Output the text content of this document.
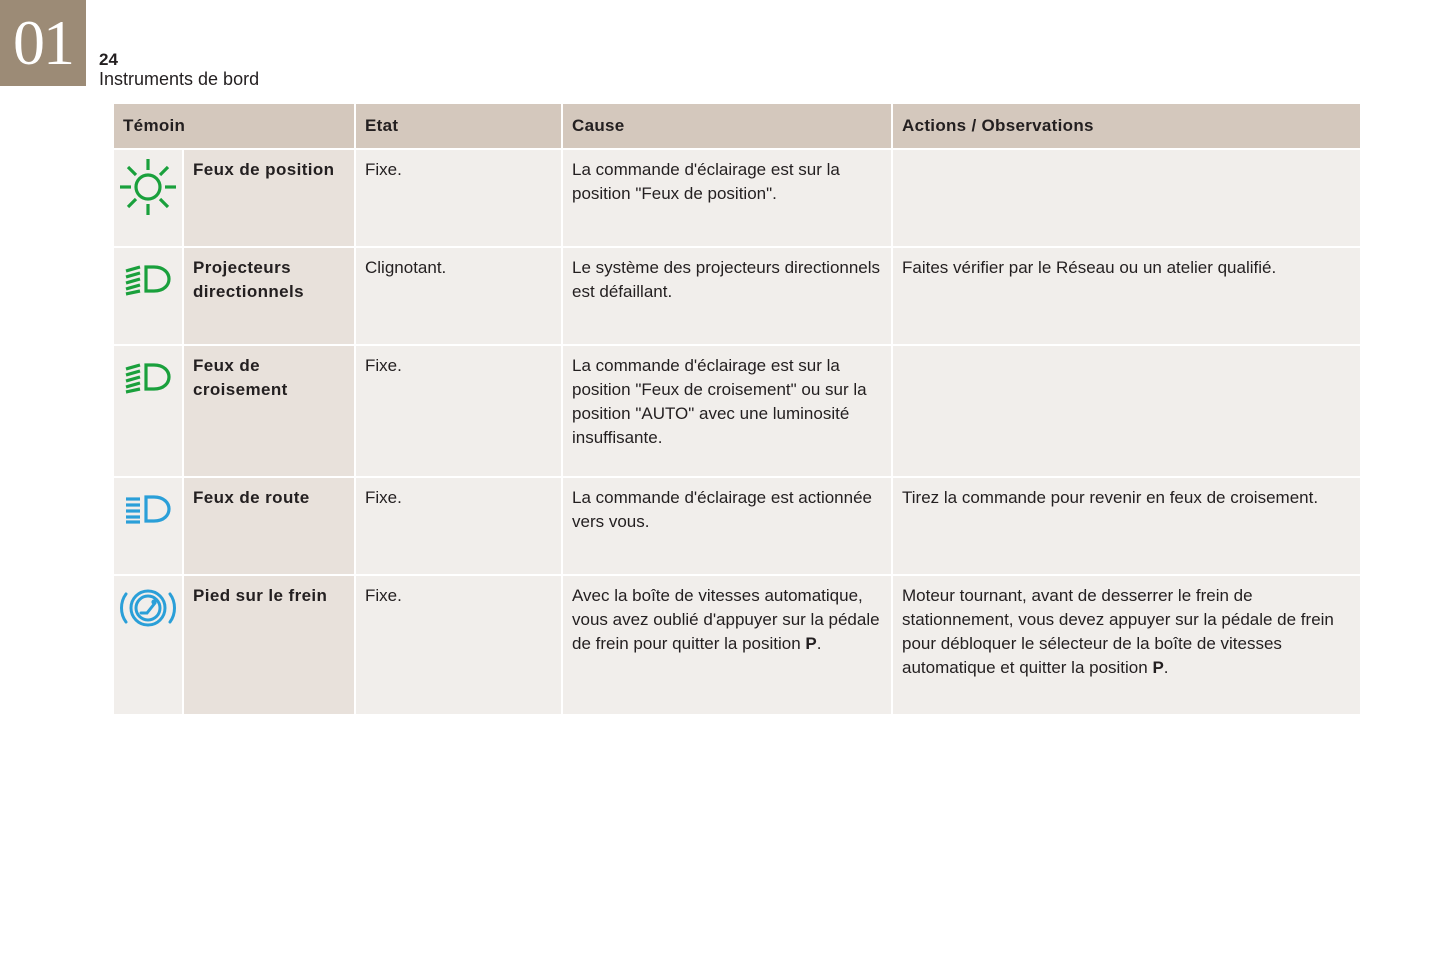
01	24
Instruments de bord
Témoin		Etat	Cause	Actions / Observations

	Feux de position	Fixe.	La commande d'éclairage est sur la position "Feux de position".	

	Projecteurs directionnels	Clignotant.	Le système des projecteurs directionnels est défaillant.	Faites vérifier par le Réseau ou un atelier qualifié.

	Feux de croisement	Fixe.	La commande d'éclairage est sur la position "Feux de croisement" ou sur la position "AUTO" avec une luminosité insuffisante.	

	Feux de route	Fixe.	La commande d'éclairage est actionnée vers vous.	Tirez la commande pour revenir en feux de croisement.

	Pied sur le frein	Fixe.	Avec la boîte de vitesses automatique, vous avez oublié d'appuyer sur la pédale de frein pour quitter la position P.	Moteur tournant, avant de desserrer le frein de stationnement, vous devez appuyer sur la pédale de frein pour débloquer le sélecteur de la boîte de vitesses automatique et quitter la position P.
